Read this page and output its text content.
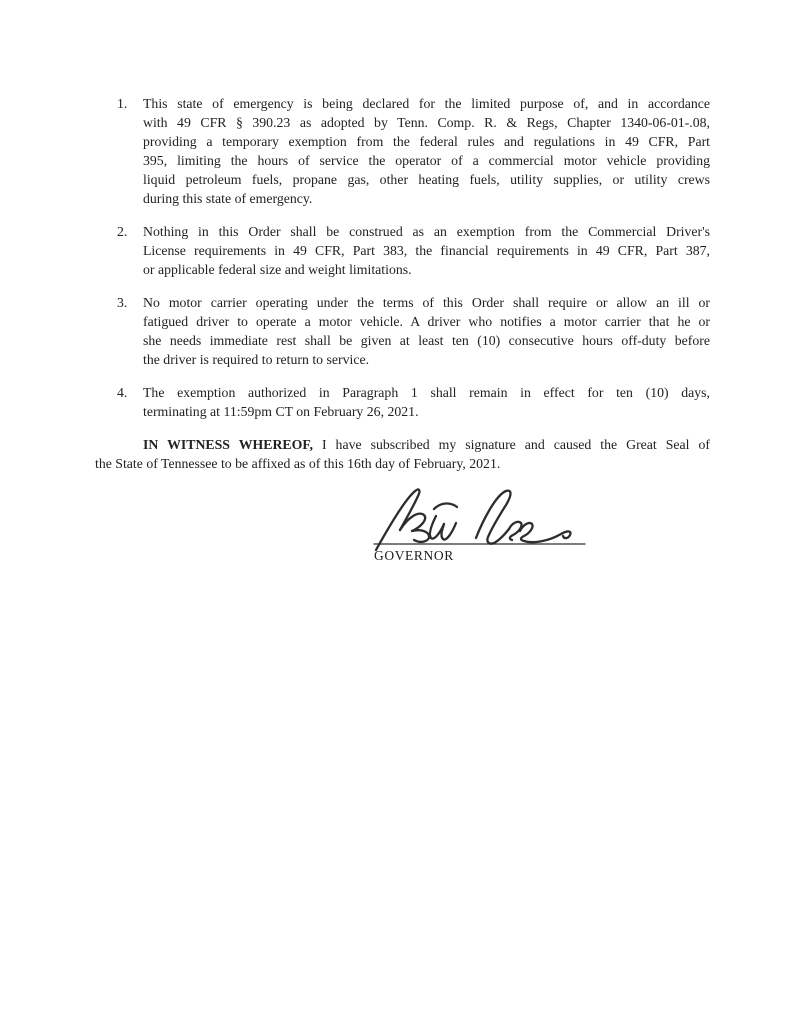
1. This state of emergency is being declared for the limited purpose of, and in accordance
with 49 CFR § 390.23 as adopted by Tenn. Comp. R. & Regs, Chapter 1340-06-01-.08,
providing a temporary exemption from the federal rules and regulations in 49 CFR, Part
395, limiting the hours of service the operator of a commercial motor vehicle providing
liquid petroleum fuels, propane gas, other heating fuels, utility supplies, or utility crews
during this state of emergency.
2. Nothing in this Order shall be construed as an exemption from the Commercial Driver's
License requirements in 49 CFR, Part 383, the financial requirements in 49 CFR, Part 387,
or applicable federal size and weight limitations.
3. No motor carrier operating under the terms of this Order shall require or allow an ill or
fatigued driver to operate a motor vehicle. A driver who notifies a motor carrier that he or
she needs immediate rest shall be given at least ten (10) consecutive hours off-duty before
the driver is required to return to service.
4. The exemption authorized in Paragraph 1 shall remain in effect for ten (10) days,
terminating at 11:59pm CT on February 26, 2021.
IN WITNESS WHEREOF, I have subscribed my signature and caused the Great Seal of
the State of Tennessee to be affixed as of this 16th day of February, 2021.
GOVERNOR
